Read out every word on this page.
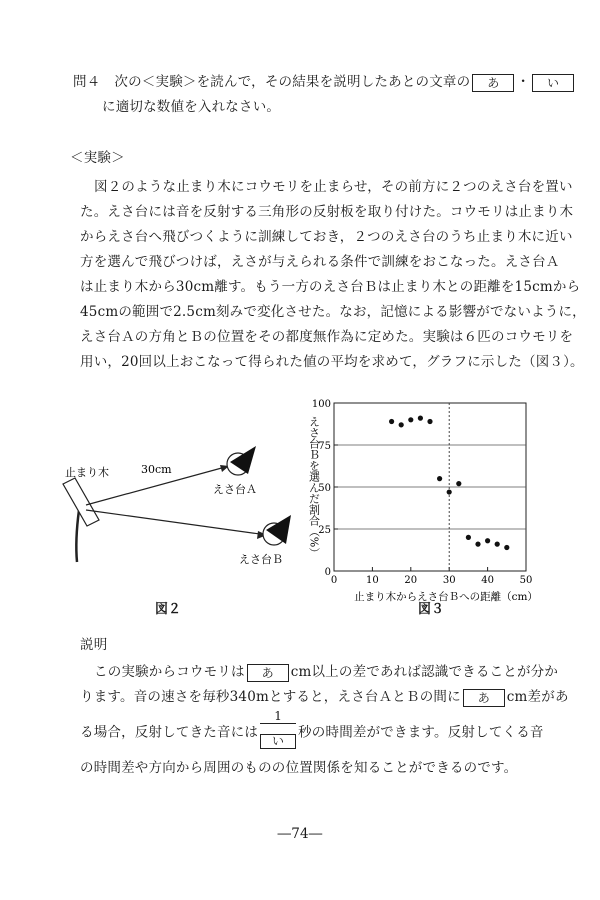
問４ 次の＜実験＞を読んで，その結果を説明したあとの文章の あ ・ い
に適切な数値を入れなさい。
＜実験＞
図２のような止まり木にコウモリを止まらせ，その前方に２つのえさ台を置い
た。えさ台には音を反射する三角形の反射板を取り付けた。コウモリは止まり木
からえさ台へ飛びつくように訓練しておき，２つのえさ台のうち止まり木に近い
方を選んで飛びつけば，えさが与えられる条件で訓練をおこなった。えさ台Ａ
は止まり木から30cm離す。もう一方のえさ台Ｂは止まり木との距離を15cmから
45cmの範囲で2.5cm刻みで変化させた。なお，記憶による影響がでないように，
えさ台Ａの方角とＢの位置をその都度無作為に定めた。実験は６匹のコウモリを
用い，20回以上おこなって得られた値の平均を求めて，グラフに示した（図３）。
止まり木	30cm
えさ台Ａ
えさ台Ｂ
図２
えさ台Ｂを選んだ割合（%）
止まり木からえさ台Ｂへの距離（cm）
0
25
50
75
100
0	10	20	30	40	50
図３
説明
この実験からコウモリは あ cm以上の差であれば認識できることが分か
ります。音の速さを毎秒340mとすると，えさ台ＡとＢの間に あ cm差があ
る場合，反射してきた音には $\frac{1}{\text{い}}$ 秒の時間差ができます。反射してくる音
の時間差や方向から周囲のものの位置関係を知ることができるのです。
―74―
